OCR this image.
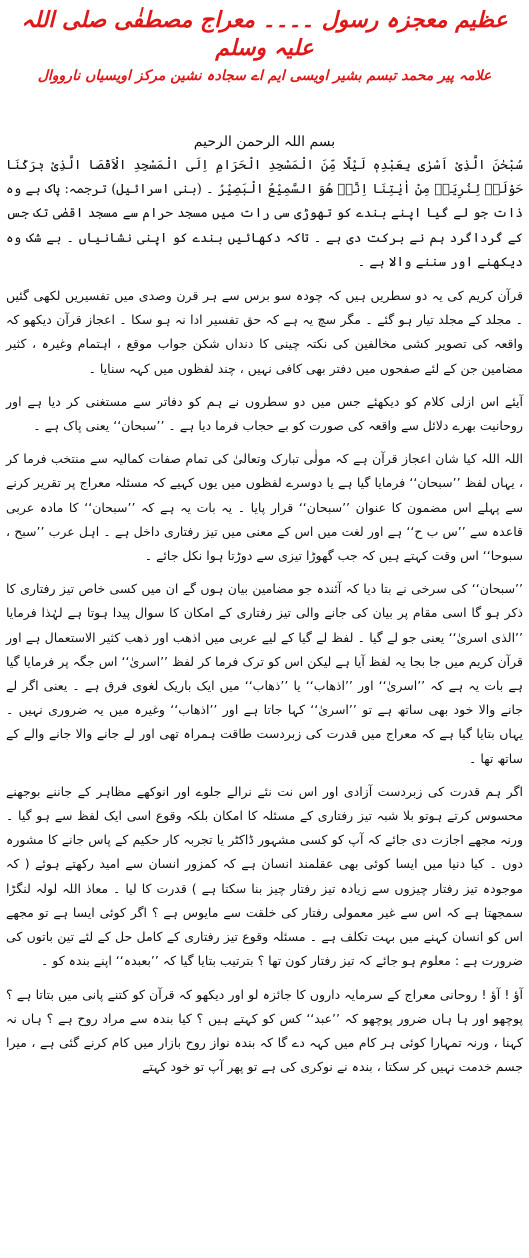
عظیم معجزہ رسول ۔۔۔۔ معراج مصطفٰی صلی اللہ علیہ وسلم
علامہ پیر محمد تبسم بشیر اویسی ایم اے سجادہ نشین مرکز اویسیاں نارووال
بسم اللہ الرحمن الرحیم

سُبْحٰنَ الَّذِیْ اَسْرٰی بِعَبْدِہٖ لَیْلًا مِّنَ الْمَسْجِدِ الْحَرَامِ اِلَی الْمَسْجِدِ الْاَقْصَا الَّذِیْ بٰرَکْنَا حَوْلَہٗ لِنُرِیَہٗ مِنْ اٰیٰتِنَا اِنَّہٗ ھُوَ السَّمِیْعُ الْبَصِیْرُ ۔ (بنی اسرائیل) ترجمہ: پاک ہے وہ ذات جو لے گیا اپنے بندے کو تھوڑی سی رات میں مسجد حرام سے مسجد اقصٰی تک جس کے گرداگرد ہم نے برکت دی ہے ۔ تاکہ دکھائیں بندے کو اپنی نشانیاں ۔ بے شک وہ دیکھنے اور سننے والا ہے ۔

قرآن کریم کی یہ دو سطریں ہیں کہ چودہ سو برس سے ہر قرن وصدی میں تفسیریں لکھی گئیں ۔ مجلد کے مجلد تیار ہو گئے ۔ مگر سچ یہ ہے کہ حق تفسیر ادا نہ ہو سکا ۔ اعجاز قرآن دیکھو کہ واقعہ کی تصویر کشی مخالفین کی نکتہ چینی کا دنداں شکن جواب موقع ، اہتمام وغیرہ ، کثیر مضامین جن کے لئے صفحوں میں دفتر بھی کافی نہیں ، چند لفظوں میں کہہ سنایا ۔

آیئے اس ازلی کلام کو دیکھئے جس میں دو سطروں نے ہم کو دفاتر سے مستغنی کر دیا ہے اور روحانیت بھرے دلائل سے واقعہ کی صورت کو بے حجاب فرما دیا ہے ۔ ’’سبحان‘‘ یعنی پاک ہے ۔

اللہ اللہ کیا شان اعجاز قرآن ہے کہ مولٰی تبارک وتعالیٰ کی تمام صفات کمالیہ سے منتخب فرما کر ، یہاں لفظ ’’سبحان‘‘ فرمایا گیا ہے یا دوسرے لفظوں میں یوں کہیے کہ مسئلہ معراج پر تقریر کرنے سے پہلے اس مضمون کا عنوان ’’سبحان‘‘ قرار پایا ۔ یہ بات یہ ہے کہ ’’سبحان‘‘ کا مادہ عربی قاعدہ سے ’’س ب ح‘‘ ہے اور لغت میں اس کے معنی میں تیز رفتاری داخل ہے ۔ اہل عرب ’’سبح ، سبوحا‘‘ اس وقت کہتے ہیں کہ جب گھوڑا تیزی سے دوڑتا ہوا نکل جائے ۔

’’سبحان‘‘ کی سرخی نے بتا دیا کہ آئندہ جو مضامین بیان ہوں گے ان میں کسی خاص تیز رفتاری کا ذکر ہو گا اسی مقام پر بیان کی جانے والی تیز رفتاری کے امکان کا سوال پیدا ہوتا ہے لہٰذا فرمایا ’’الذی اسریٰ‘‘ یعنی جو لے گیا ۔ لفظ لے گیا کے لیے عربی میں اذھب اور ذھب کثیر الاستعمال ہے اور قرآن کریم میں جا بجا یہ لفظ آیا ہے لیکن اس کو ترک فرما کر لفظ ’’اسریٰ‘‘ اس جگہ پر فرمایا گیا ہے بات یہ ہے کہ ’’اسریٰ‘‘ اور ’’اذھاب‘‘ یا ’’ذھاب‘‘ میں ایک باریک لغوی فرق ہے ۔ یعنی اگر لے جانے والا خود بھی ساتھ ہے تو ’’اسریٰ‘‘ کہا جاتا ہے اور ’’اذھاب‘‘ وغیرہ میں یہ ضروری نہیں ۔ یہاں بتایا گیا ہے کہ معراج میں قدرت کی زبردست طاقت ہمراہ تھی اور لے جانے والا جانے والے کے ساتھ تھا ۔

اگر ہم قدرت کی زبردست آزادی اور اس نت نئے نرالے جلوے اور انوکھے مظاہر کے جاننے بوجھنے محسوس کرتے ہوتو بلا شبہ تیز رفتاری کے مسئلہ کا امکان بلکہ وقوع اسی ایک لفظ سے ہو گیا ۔ ورنہ مجھے اجازت دی جائے کہ آپ کو کسی مشہور ڈاکٹر یا تجربہ کار حکیم کے پاس جانے کا مشورہ دوں ۔ کیا دنیا میں ایسا کوئی بھی عقلمند انسان ہے کہ کمزور انسان سے امید رکھتے ہوئے ( کہ موجودہ تیز رفتار چیزوں سے زیادہ تیز رفتار چیز بنا سکتا ہے ) قدرت کا لیا ۔ معاذ اللہ لولہ لنگڑا سمجھتا ہے کہ اس سے غیر معمولی رفتار کی خلقت سے مایوس ہے ؟ اگر کوئی ایسا ہے تو مجھے اس کو انسان کہنے میں بہت تکلف ہے ۔ مسئلہ وقوع تیز رفتاری کے کامل حل کے لئے تین باتوں کی ضرورت ہے : معلوم ہو جائے کہ تیز رفتار کون تھا ؟ بترتیب بتایا گیا کہ ’’بعبدہ‘‘ اپنے بندہ کو ۔

آؤ ! آؤ ! روحانی معراج کے سرمایہ داروں کا جائزہ لو اور دیکھو کہ قرآن کو کتنے پانی میں بتاتا ہے ؟ پوچھو اور ہا ہاں ضرور پوچھو کہ ’’عبد‘‘ کس کو کہتے ہیں ؟ کیا بندہ سے مراد روح ہے ؟ ہاں نہ کہنا ، ورنہ تمہارا کوئی ہر کام میں کہہ دے گا کہ بندہ نواز روح بازار میں کام کرنے گئی ہے ، میرا جسم خدمت نہیں کر سکتا ، بندہ نے نوکری کی ہے تو پھر آپ تو خود کہتے
